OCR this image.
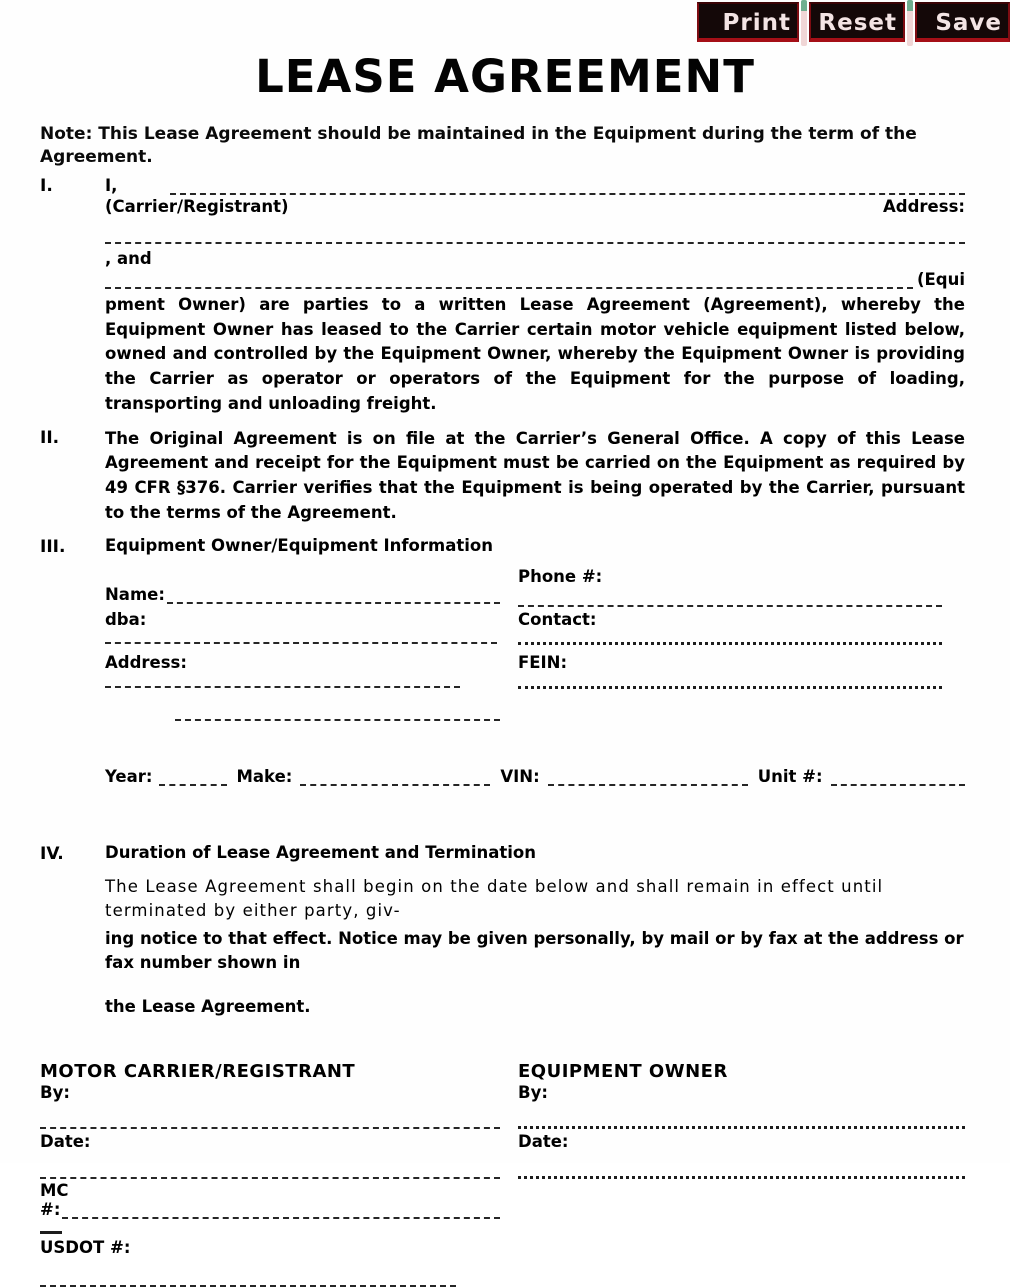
Print	Reset	Save
LEASE AGREEMENT
Note: This Lease Agreement should be maintained in the Equipment during the term of the Agreement.
I.	I,
(Carrier/Registrant)	Address:
, and
(Equi
pment Owner) are parties to a written Lease Agreement (Agreement), whereby the Equipment Owner has leased to the Carrier certain motor vehicle equipment listed below, owned and controlled by the Equipment Owner, whereby the Equipment Owner is providing the Carrier as operator or operators of the Equipment for the purpose of loading, transporting and unloading freight.
II.	The Original Agreement is on file at the Carrier’s General Office. A copy of this Lease Agreement and receipt for the Equipment must be carried on the Equipment as required by 49 CFR §376. Carrier verifies that the Equipment is being operated by the Carrier, pursuant to the terms of the Agreement.
III.	Equipment Owner/Equipment Information
Phone #:
Name:
dba:	Contact:
Address:	FEIN:
Year:	Make:	VIN:	Unit #:
IV.	Duration of Lease Agreement and Termination
The Lease Agreement shall begin on the date below and shall remain in effect until terminated by either party, giv-
ing notice to that effect. Notice may be given personally, by mail or by fax at the address or fax number shown in
the Lease Agreement.
MOTOR CARRIER/REGISTRANT
By:
Date:
MC
#:
USDOT #:
EQUIPMENT OWNER
By:
Date:
